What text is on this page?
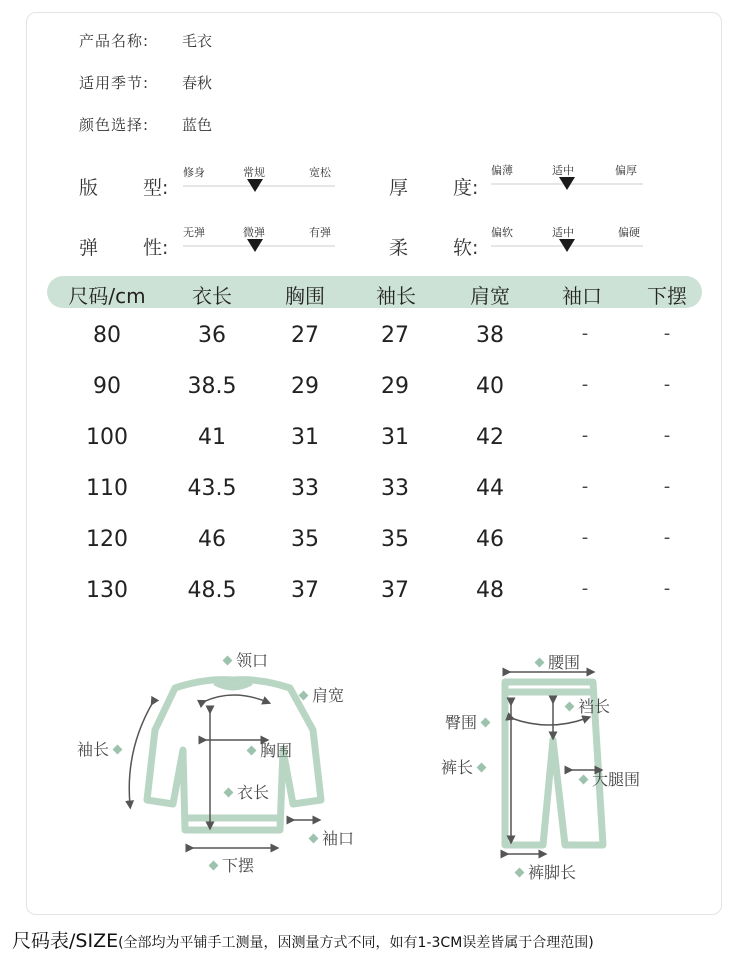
产品名称: 毛衣
适用季节: 春秋
颜色选择: 蓝色
版 型:
修身	常规	宽松
厚 度:
偏薄	适中	偏厚
弹 性:
无弹	微弹	有弹
柔 软:
偏软	适中	偏硬
尺码/cm 衣长	胸围	袖长	肩宽	袖口 下摆
80	36	27	27	38	-	-
90	38.5 29	29	40	-	-
100	41	31	31	42	-	-
110	43.5 33	33	44	-	-
120	46	35	35	46	-	-
130	48.5 37	37	48	-	-
领口
肩宽
袖长	胸围
衣长
袖口
下摆
腰围
裆长
臀围
裤长
大腿围
裤脚长
尺码表/SIZE(全部均为平铺手工测量，因测量方式不同，如有1-3CM误差皆属于合理范围)
